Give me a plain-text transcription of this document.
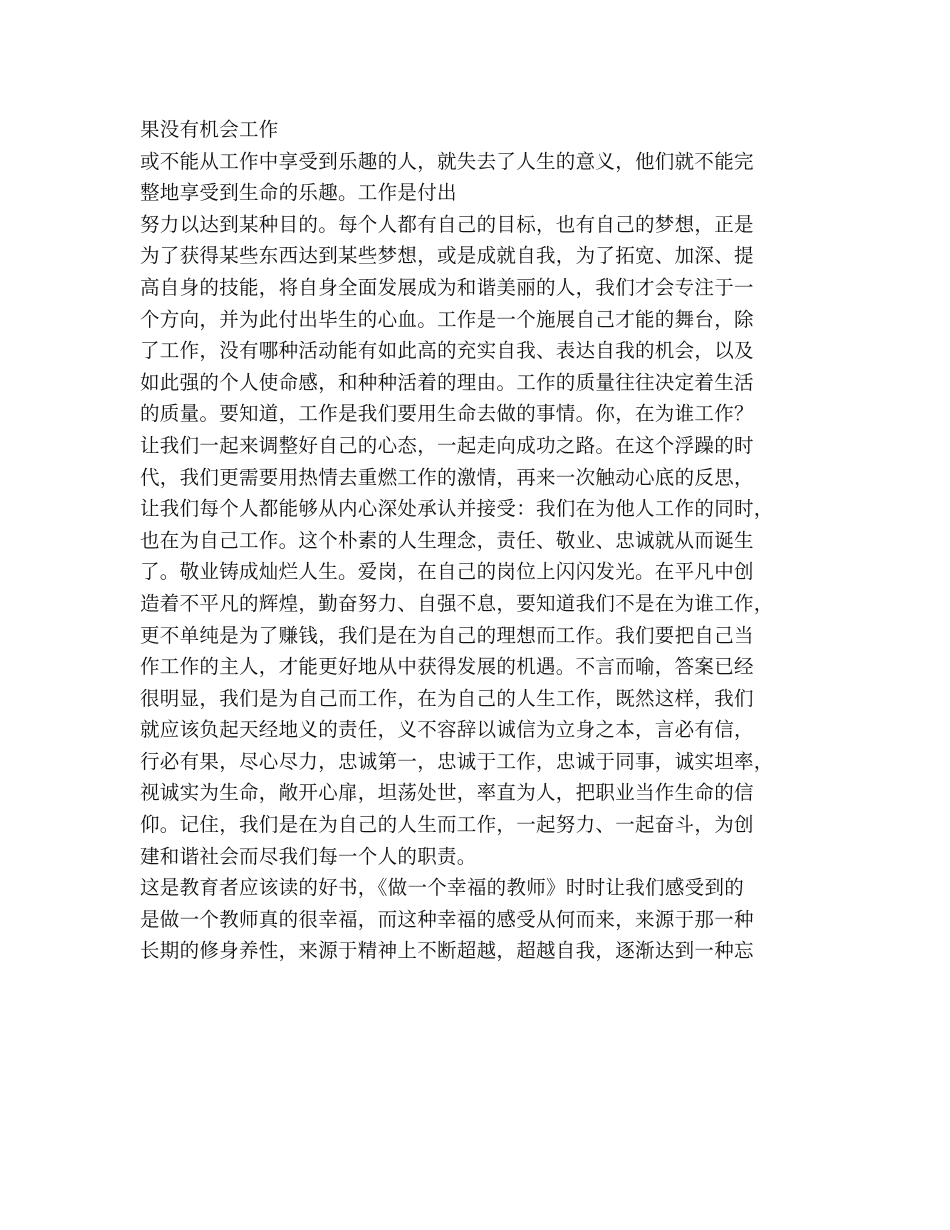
果没有机会工作
或不能从工作中享受到乐趣的人，就失去了人生的意义，他们就不能完
整地享受到生命的乐趣。工作是付出
努力以达到某种目的。每个人都有自己的目标，也有自己的梦想，正是
为了获得某些东西达到某些梦想，或是成就自我，为了拓宽、加深、提
高自身的技能，将自身全面发展成为和谐美丽的人，我们才会专注于一
个方向，并为此付出毕生的心血。工作是一个施展自己才能的舞台，除
了工作，没有哪种活动能有如此高的充实自我、表达自我的机会，以及
如此强的个人使命感，和种种活着的理由。工作的质量往往决定着生活
的质量。要知道，工作是我们要用生命去做的事情。你，在为谁工作？
让我们一起来调整好自己的心态，一起走向成功之路。在这个浮躁的时
代，我们更需要用热情去重燃工作的激情，再来一次触动心底的反思，
让我们每个人都能够从内心深处承认并接受：我们在为他人工作的同时，
也在为自己工作。这个朴素的人生理念，责任、敬业、忠诚就从而诞生
了。敬业铸成灿烂人生。爱岗，在自己的岗位上闪闪发光。在平凡中创
造着不平凡的辉煌，勤奋努力、自强不息，要知道我们不是在为谁工作，
更不单纯是为了赚钱，我们是在为自己的理想而工作。我们要把自己当
作工作的主人，才能更好地从中获得发展的机遇。不言而喻，答案已经
很明显，我们是为自己而工作，在为自己的人生工作，既然这样，我们
就应该负起天经地义的责任，义不容辞以诚信为立身之本，言必有信，
行必有果，尽心尽力，忠诚第一，忠诚于工作，忠诚于同事，诚实坦率，
视诚实为生命，敞开心扉，坦荡处世，率直为人，把职业当作生命的信
仰。记住，我们是在为自己的人生而工作，一起努力、一起奋斗，为创
建和谐社会而尽我们每一个人的职责。
这是教育者应该读的好书，《做一个幸福的教师》时时让我们感受到的
是做一个教师真的很幸福，而这种幸福的感受从何而来，来源于那一种
长期的修身养性，来源于精神上不断超越，超越自我，逐渐达到一种忘
